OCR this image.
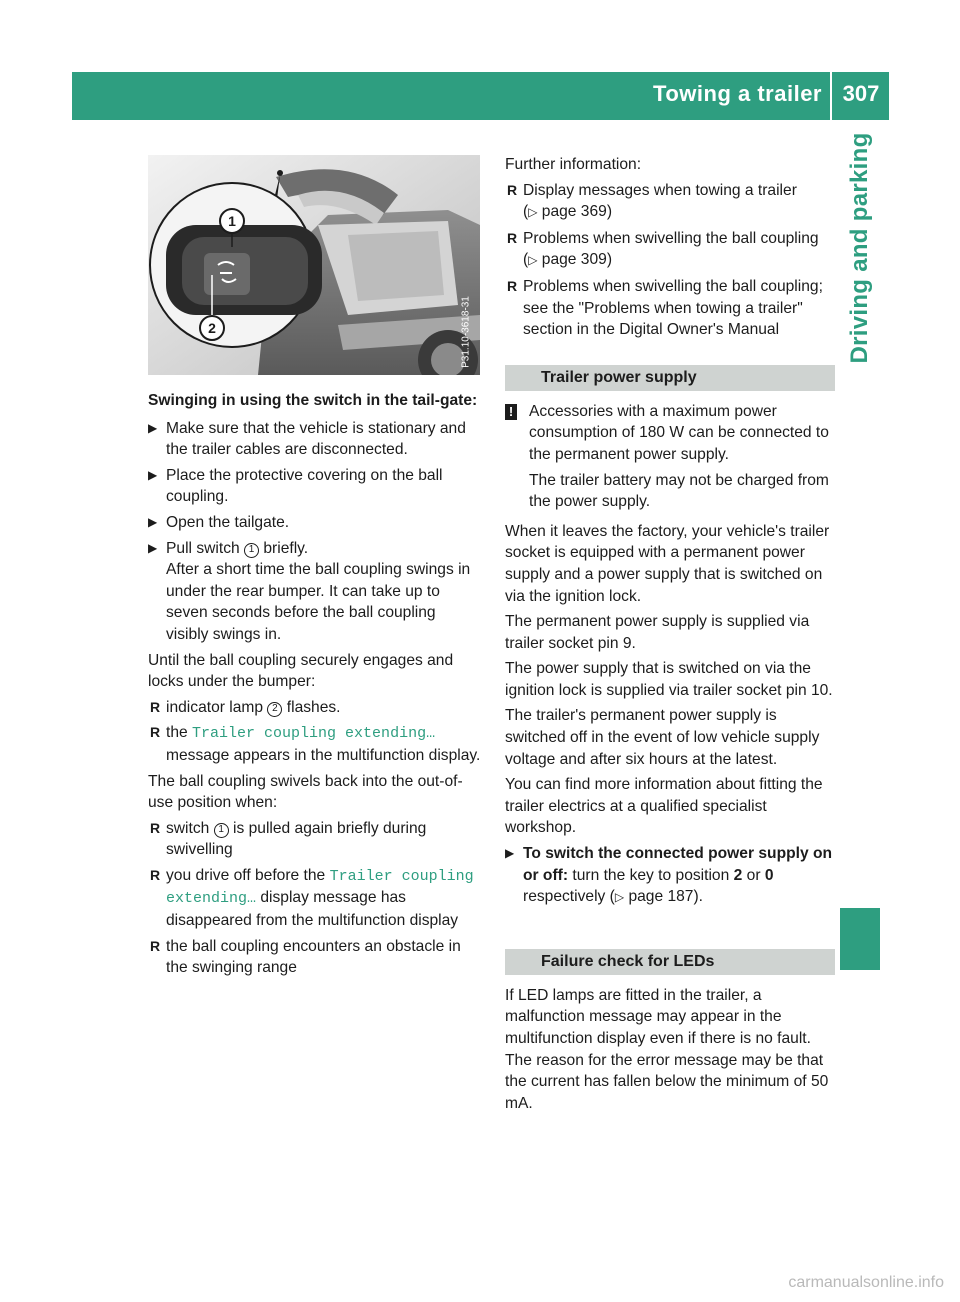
Towing a trailer 307
Driving and parking
1
2	P31.10-3618-31

Swinging in using the switch in the tail-gate:

▶ Make sure that the vehicle is stationary and the trailer cables are disconnected.
▶ Place the protective covering on the ball coupling.
▶ Open the tailgate.
▶ Pull switch 1 briefly.
After a short time the ball coupling swings in under the rear bumper. It can take up to seven seconds before the ball coupling visibly swings in.

Until the ball coupling securely engages and locks under the bumper:

R indicator lamp 2 flashes.
R the Trailer coupling extending… message appears in the multifunction display.

The ball coupling swivels back into the out-of-use position when:

R switch 1 is pulled again briefly during swivelling
R you drive off before the Trailer coupling extending… display message has disappeared from the multifunction display
R the ball coupling encounters an obstacle in the swinging range

Further information:

R Display messages when towing a trailer
(▷ page 369)
R Problems when swivelling the ball coupling
(▷ page 309)
R Problems when swivelling the ball coupling; see the "Problems when towing a trailer" section in the Digital Owner's Manual
Trailer power supply
! Accessories with a maximum power consumption of 180 W can be connected to the permanent power supply.
The trailer battery may not be charged from the power supply.

When it leaves the factory, your vehicle's trailer socket is equipped with a permanent power supply and a power supply that is switched on via the ignition lock.

The permanent power supply is supplied via trailer socket pin 9.

The power supply that is switched on via the ignition lock is supplied via trailer socket pin 10.

The trailer's permanent power supply is switched off in the event of low vehicle supply voltage and after six hours at the latest.

You can find more information about fitting the trailer electrics at a qualified specialist workshop.

▶ To switch the connected power supply on or off: turn the key to position 2 or 0
respectively (▷ page 187).
Failure check for LEDs

If LED lamps are fitted in the trailer, a malfunction message may appear in the multifunction display even if there is no fault. The reason for the error message may be that the current has fallen below the minimum of 50 mA.

carmanualsonline.info
